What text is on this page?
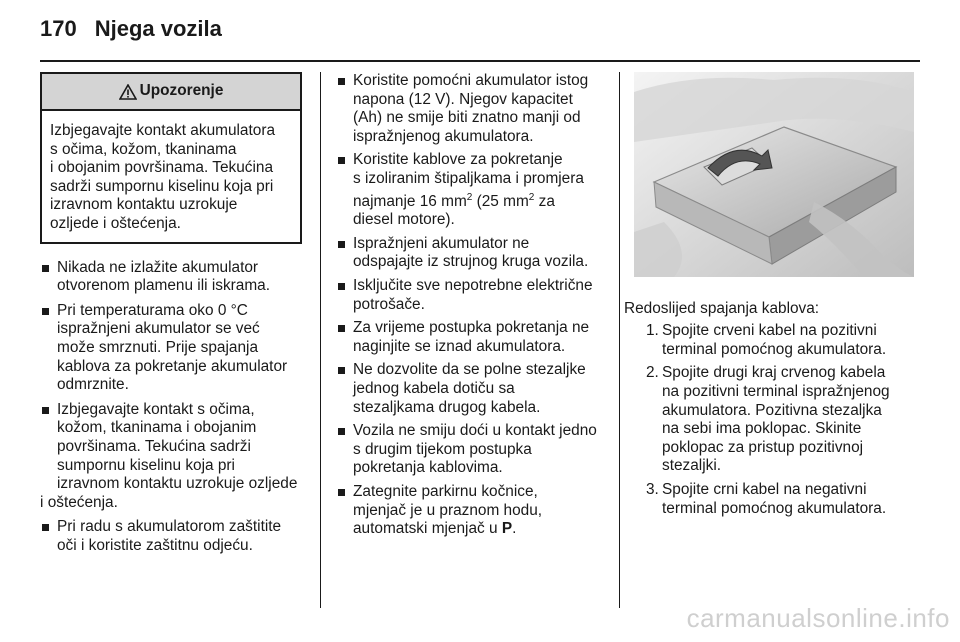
170 Njega vozila
Upozorenje
Izbjegavajte kontakt akumulatora
s očima, kožom, tkaninama
i obojanim površinama. Tekućina
sadrži sumpornu kiselinu koja pri
izravnom kontaktu uzrokuje
ozljede i oštećenja.
Nikada ne izlažite akumulator
otvorenom plamenu ili iskrama.
Pri temperaturama oko 0 °C
ispražnjeni akumulator se već
može smrznuti. Prije spajanja
kablova za pokretanje akumulator
odmrznite.
Izbjegavajte kontakt s očima,
kožom, tkaninama i obojanim
površinama. Tekućina sadrži
sumpornu kiselinu koja pri
izravnom kontaktu uzrokuje ozljede
i oštećenja.
Pri radu s akumulatorom zaštitite
oči i koristite zaštitnu odjeću.
Koristite pomoćni akumulator istog
napona (12 V). Njegov kapacitet
(Ah) ne smije biti znatno manji od
ispražnjenog akumulatora.
Koristite kablove za pokretanje
s izoliranim štipaljkama i promjera
najmanje 16 $mm^2$ (25 $mm^2$ za
diesel motore).
Ispražnjeni akumulator ne
odspajajte iz strujnog kruga vozila.
Isključite sve nepotrebne električne
potrošače.
Za vrijeme postupka pokretanja ne
naginjite se iznad akumulatora.
Ne dozvolite da se polne stezaljke
jednog kabela dotiču sa
stezaljkama drugog kabela.
Vozila ne smiju doći u kontakt jedno
s drugim tijekom postupka
pokretanja kablovima.
Zategnite parkirnu kočnice,
mjenjač je u praznom hodu,
automatski mjenjač u P.
Redoslijed spajanja kablova:
1. Spojite crveni kabel na pozitivni
terminal pomoćnog akumulatora.
2. Spojite drugi kraj crvenog kabela
na pozitivni terminal ispražnjenog
akumulatora. Pozitivna stezaljka
na sebi ima poklopac. Skinite
poklopac za pristup pozitivnoj
stezaljki.
3. Spojite crni kabel na negativni
terminal pomoćnog akumulatora.
carmanualsonline.info
